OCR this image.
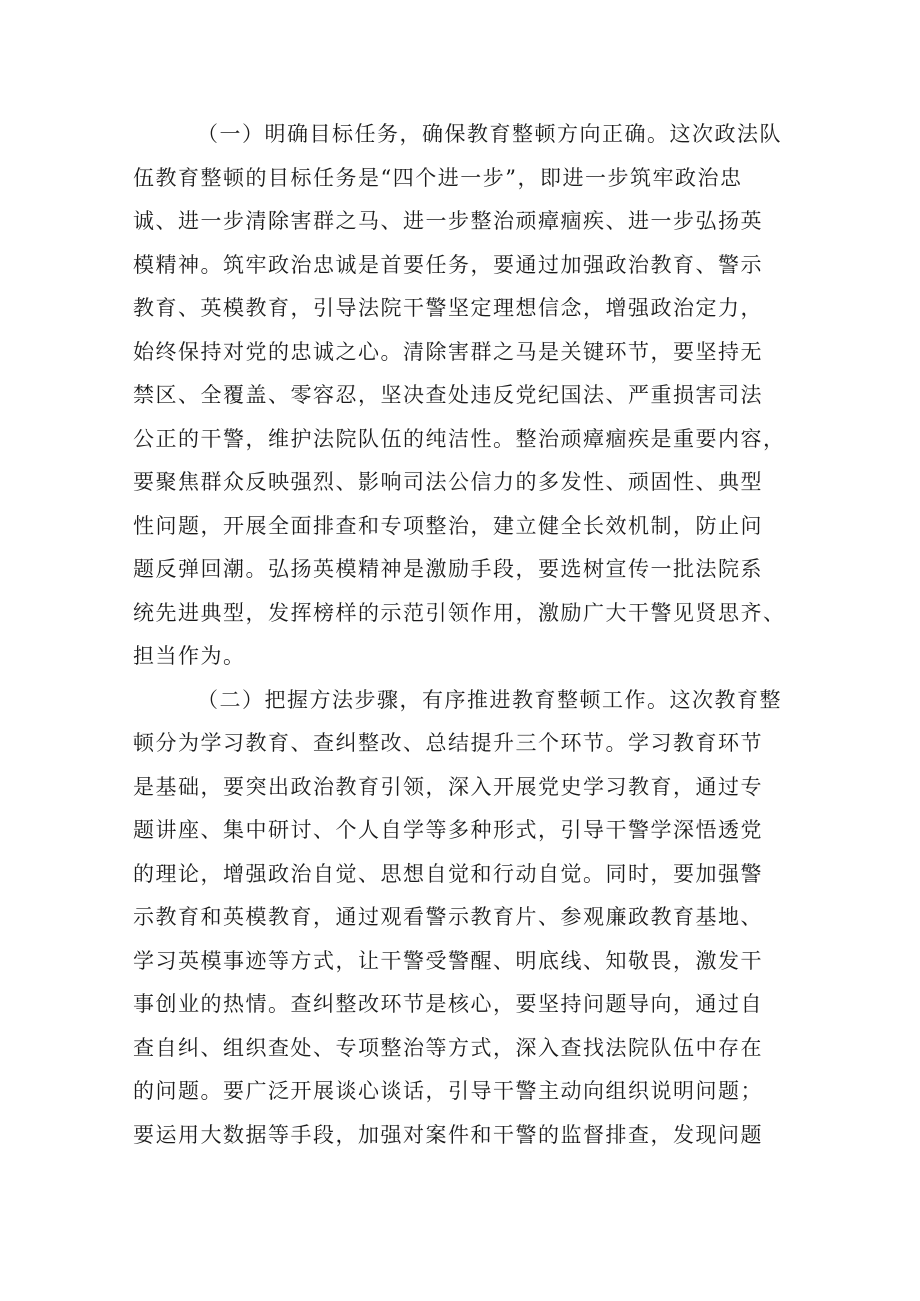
（一）明确目标任务，确保教育整顿方向正确。这次政法队
伍教育整顿的目标任务是“四个进一步”，即进一步筑牢政治忠
诚、进一步清除害群之马、进一步整治顽瘴痼疾、进一步弘扬英
模精神。筑牢政治忠诚是首要任务，要通过加强政治教育、警示
教育、英模教育，引导法院干警坚定理想信念，增强政治定力，
始终保持对党的忠诚之心。清除害群之马是关键环节，要坚持无
禁区、全覆盖、零容忍，坚决查处违反党纪国法、严重损害司法
公正的干警，维护法院队伍的纯洁性。整治顽瘴痼疾是重要内容，
要聚焦群众反映强烈、影响司法公信力的多发性、顽固性、典型
性问题，开展全面排查和专项整治，建立健全长效机制，防止问
题反弹回潮。弘扬英模精神是激励手段，要选树宣传一批法院系
统先进典型，发挥榜样的示范引领作用，激励广大干警见贤思齐、
担当作为。

（二）把握方法步骤，有序推进教育整顿工作。这次教育整
顿分为学习教育、查纠整改、总结提升三个环节。学习教育环节
是基础，要突出政治教育引领，深入开展党史学习教育，通过专
题讲座、集中研讨、个人自学等多种形式，引导干警学深悟透党
的理论，增强政治自觉、思想自觉和行动自觉。同时，要加强警
示教育和英模教育，通过观看警示教育片、参观廉政教育基地、
学习英模事迹等方式，让干警受警醒、明底线、知敬畏，激发干
事创业的热情。查纠整改环节是核心，要坚持问题导向，通过自
查自纠、组织查处、专项整治等方式，深入查找法院队伍中存在
的问题。要广泛开展谈心谈话，引导干警主动向组织说明问题；
要运用大数据等手段，加强对案件和干警的监督排查，发现问题
